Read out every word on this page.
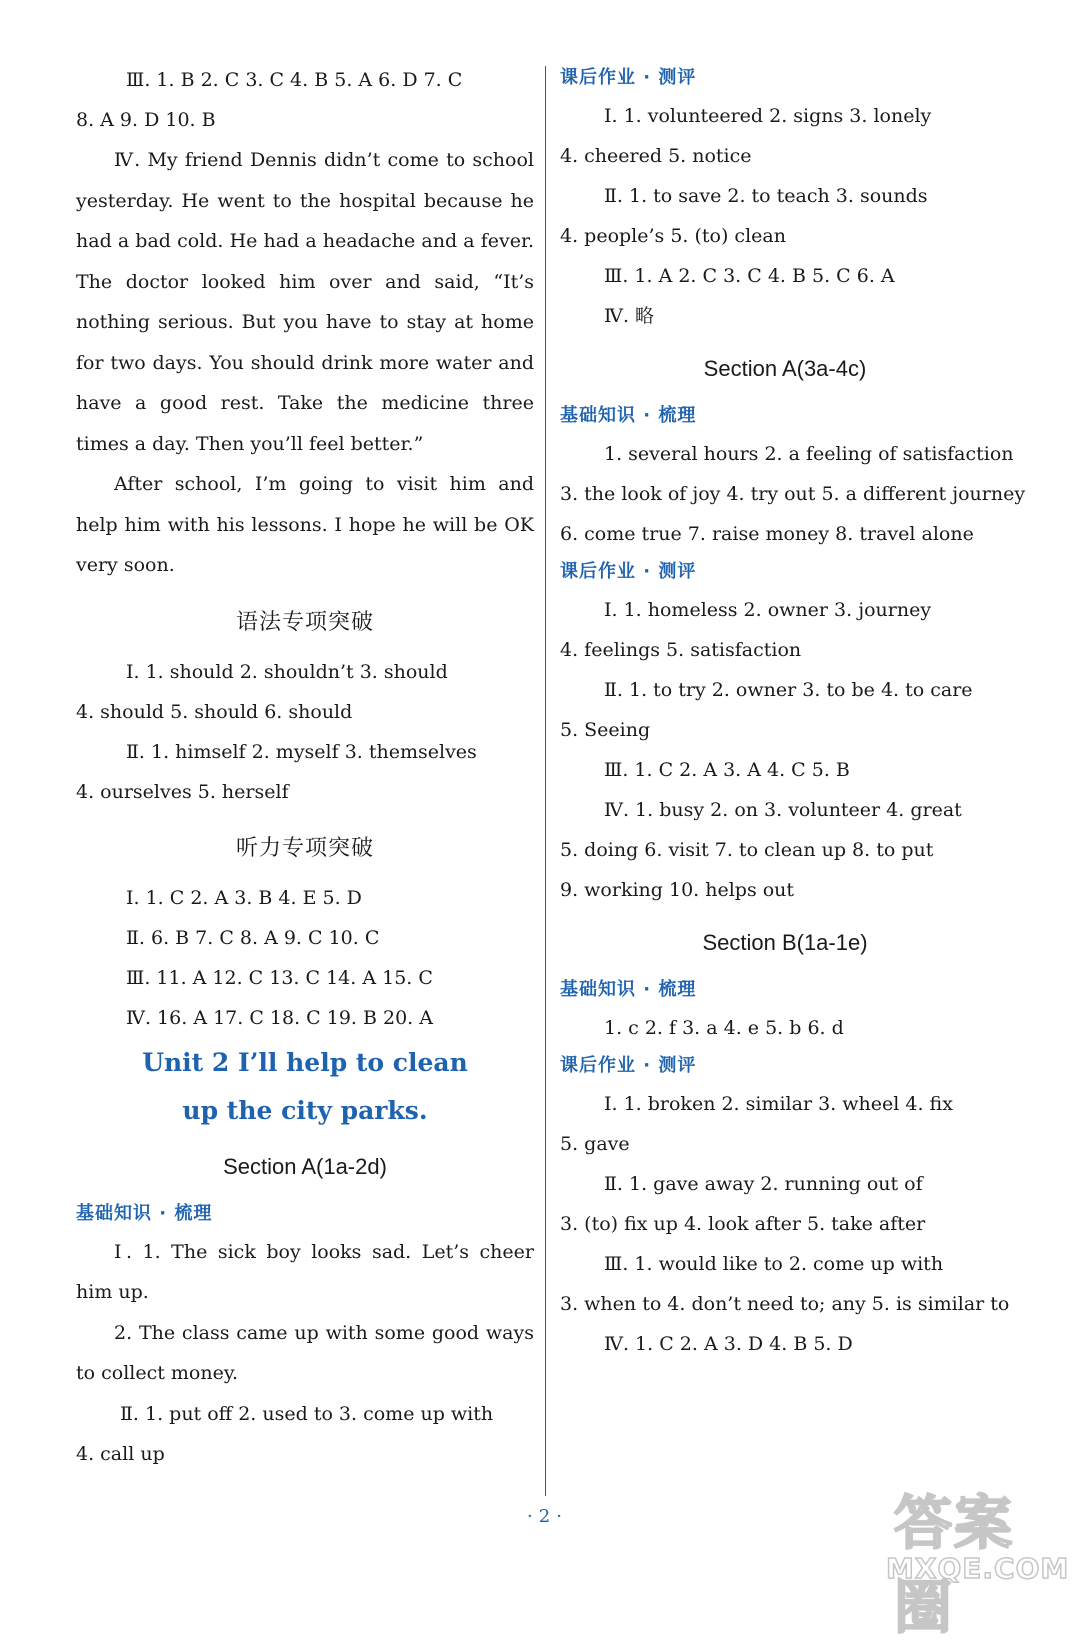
Ⅲ. 1. B 2. C 3. C 4. B 5. A 6. D 7. C
8. A 9. D 10. B
Ⅳ. My friend Dennis didn’t come to school yesterday. He went to the hospital because he had a bad cold. He had a headache and a fever. The doctor looked him over and said, “It’s nothing serious. But you have to stay at home for two days. You should drink more water and have a good rest. Take the medicine three times a day. Then you’ll feel better.”
After school, I’m going to visit him and help him with his lessons. I hope he will be OK very soon.
语法专项突破
Ⅰ. 1. should 2. shouldn’t 3. should
4. should 5. should 6. should
Ⅱ. 1. himself 2. myself 3. themselves
4. ourselves 5. herself
听力专项突破
Ⅰ. 1. C 2. A 3. B 4. E 5. D
Ⅱ. 6. B 7. C 8. A 9. C 10. C
Ⅲ. 11. A 12. C 13. C 14. A 15. C
Ⅳ. 16. A 17. C 18. C 19. B 20. A
Unit 2 I’ll help to clean
up the city parks.
Section A(1a-2d)
基础知识 · 梳理
Ⅰ. 1. The sick boy looks sad. Let’s cheer him up.
2. The class came up with some good ways to collect money.
Ⅱ. 1. put off 2. used to 3. come up with
4. call up
课后作业 · 测评
Ⅰ. 1. volunteered 2. signs 3. lonely
4. cheered 5. notice
Ⅱ. 1. to save 2. to teach 3. sounds
4. people’s 5. (to) clean
Ⅲ. 1. A 2. C 3. C 4. B 5. C 6. A
Ⅳ. 略
Section A(3a-4c)
基础知识 · 梳理
1. several hours 2. a feeling of satisfaction
3. the look of joy 4. try out 5. a different journey
6. come true 7. raise money 8. travel alone
课后作业 · 测评
Ⅰ. 1. homeless 2. owner 3. journey
4. feelings 5. satisfaction
Ⅱ. 1. to try 2. owner 3. to be 4. to care
5. Seeing
Ⅲ. 1. C 2. A 3. A 4. C 5. B
Ⅳ. 1. busy 2. on 3. volunteer 4. great
5. doing 6. visit 7. to clean up 8. to put
9. working 10. helps out
Section B(1a-1e)
基础知识 · 梳理
1. c 2. f 3. a 4. e 5. b 6. d
课后作业 · 测评
Ⅰ. 1. broken 2. similar 3. wheel 4. fix
5. gave
Ⅱ. 1. gave away 2. running out of
3. (to) fix up 4. look after 5. take after
Ⅲ. 1. would like to 2. come up with
3. when to 4. don’t need to; any 5. is similar to
Ⅳ. 1. C 2. A 3. D 4. B 5. D
· 2 ·	答案圈
MXQE.COM
